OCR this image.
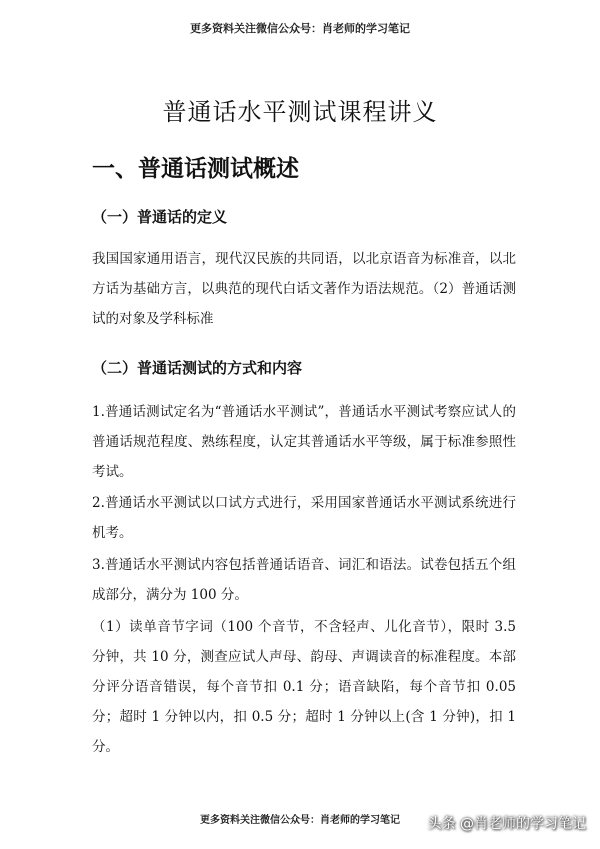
更多资料关注微信公众号：肖老师的学习笔记
普通话水平测试课程讲义
一、普通话测试概述
（一）普通话的定义
我国国家通用语言，现代汉民族的共同语，以北京语音为标准音，以北方话为基础方言，以典范的现代白话文著作为语法规范。（2）普通话测试的对象及学科标准
（二）普通话测试的方式和内容
1.普通话测试定名为“普通话水平测试”，普通话水平测试考察应试人的普通话规范程度、熟练程度，认定其普通话水平等级，属于标准参照性考试。
2.普通话水平测试以口试方式进行，采用国家普通话水平测试系统进行机考。
3.普通话水平测试内容包括普通话语音、词汇和语法。试卷包括五个组成部分，满分为 100 分。
（1）读单音节字词（100 个音节，不含轻声、儿化音节），限时 3.5 分钟，共 10 分，测查应试人声母、韵母、声调读音的标准程度。本部分评分语音错误，每个音节扣 0.1 分；语音缺陷，每个音节扣 0.05 分；超时 1 分钟以内，扣 0.5 分；超时 1 分钟以上(含 1 分钟)，扣 1 分。
更多资料关注微信公众号：肖老师的学习笔记	头条 @肖老师的学习笔记
